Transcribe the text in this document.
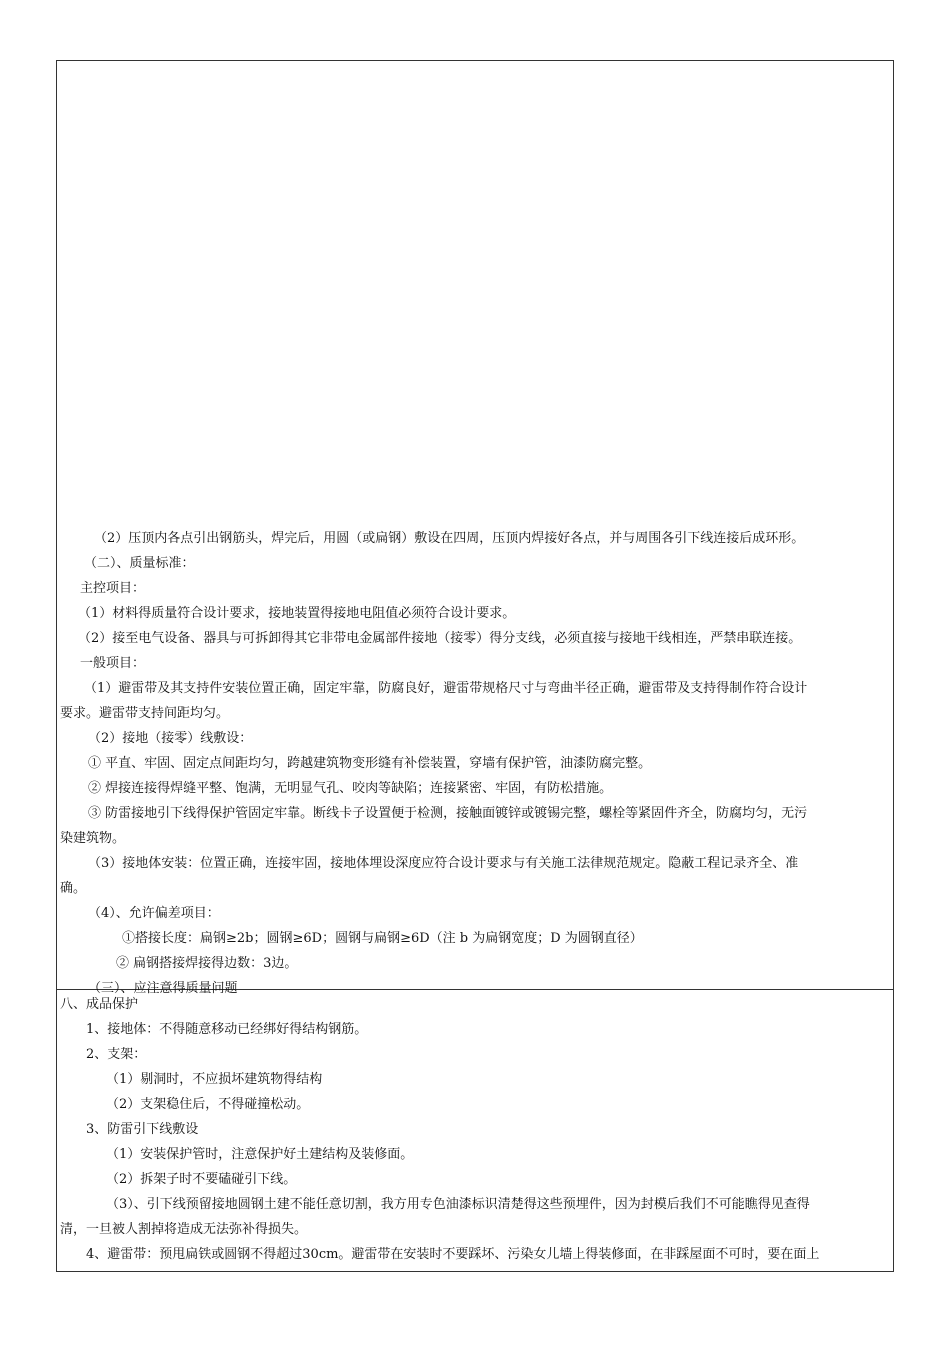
（2）压顶内各点引出钢筋头，焊完后，用圆（或扁钢）敷设在四周，压顶内焊接好各点，并与周围各引下线连接后成环形。
（二）、质量标准：
主控项目：
（1）材料得质量符合设计要求，接地装置得接地电阻值必须符合设计要求。
（2）接至电气设备、器具与可拆卸得其它非带电金属部件接地（接零）得分支线，必须直接与接地干线相连，严禁串联连接。
一般项目：
（1）避雷带及其支持件安装位置正确，固定牢靠，防腐良好，避雷带规格尺寸与弯曲半径正确，避雷带及支持得制作符合设计
要求。避雷带支持间距均匀。
（2）接地（接零）线敷设：
① 平直、牢固、固定点间距均匀，跨越建筑物变形缝有补偿装置，穿墙有保护管，油漆防腐完整。
② 焊接连接得焊缝平整、饱满，无明显气孔、咬肉等缺陷；连接紧密、牢固，有防松措施。
③ 防雷接地引下线得保护管固定牢靠。断线卡子设置便于检测，接触面镀锌或镀锡完整，螺栓等紧固件齐全，防腐均匀，无污
染建筑物。
（3）接地体安装：位置正确，连接牢固，接地体埋设深度应符合设计要求与有关施工法律规范规定。隐蔽工程记录齐全、准
确。
（4）、允许偏差项目：
①搭接长度：扁钢≥2b；圆钢≥6D；圆钢与扁钢≥6D（注 b 为扁钢宽度；D 为圆钢直径）
② 扁钢搭接焊接得边数：3边。
（三）、应注意得质量问题
八、成品保护
1、接地体：不得随意移动已经绑好得结构钢筋。
2、支架：
（1）剔洞时，不应损坏建筑物得结构
（2）支架稳住后，不得碰撞松动。
3、防雷引下线敷设
（1）安装保护管时，注意保护好土建结构及装修面。
（2）拆架子时不要磕碰引下线。
（3）、引下线预留接地圆钢土建不能任意切割，我方用专色油漆标识清楚得这些预埋件，因为封模后我们不可能瞧得见查得
清，一旦被人割掉将造成无法弥补得损失。
4、避雷带：预甩扁铁或圆钢不得超过30cm。避雷带在安装时不要踩坏、污染女儿墙上得装修面，在非踩屋面不可时，要在面上
